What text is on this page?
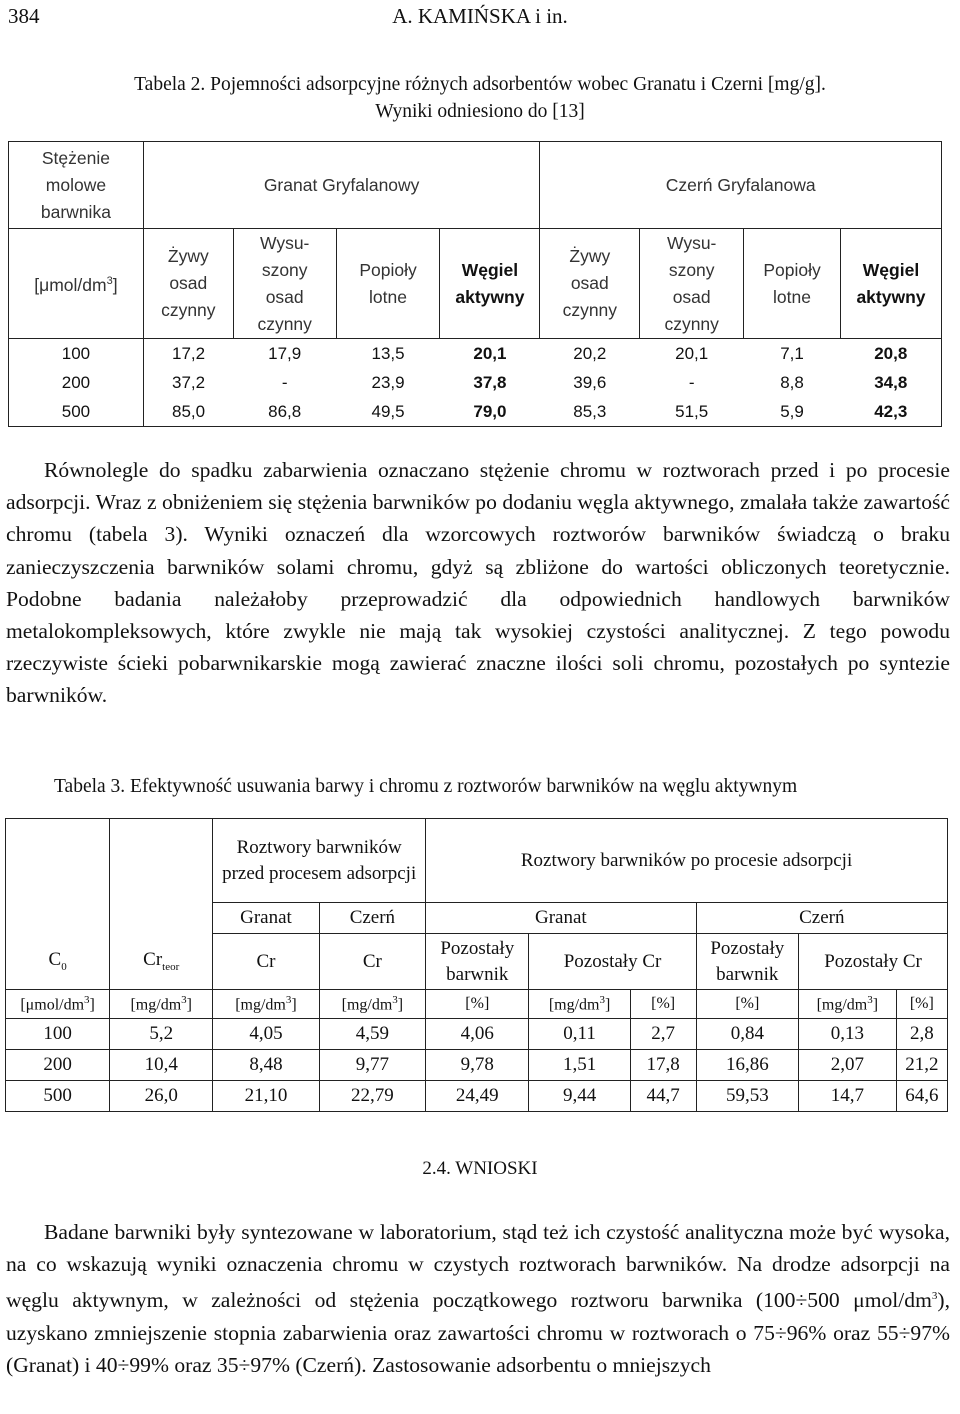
384	A. KAMIŃSKA i in.
Tabela 2. Pojemności adsorpcyjne różnych adsorbentów wobec Granatu i Czerni [mg/g].
Wyniki odniesiono do [13]
Stężenie molowe barwnika	Granat Gryfalanowy				Czerń Gryfalanowa			
$[\mu mol/dm^3]$	Żywy osad czynny	Wysu-szony osad czynny	Popioły lotne	Węgiel aktywny	Żywy osad czynny	Wysu-szony osad czynny	Popioły lotne	Węgiel aktywny

100	17,2	17,9	13,5	20,1	20,2	20,1	7,1	20,8
200	37,2	-	23,9	37,8	39,6	-	8,8	34,8
500	85,0	86,8	49,5	79,0	85,3	51,5	5,9	42,3

Równolegle do spadku zabarwienia oznaczano stężenie chromu w roztworach przed i po procesie adsorpcji. Wraz z obniżeniem się stężenia barwników po dodaniu węgla aktywnego, zmalała także zawartość chromu (tabela 3). Wyniki oznaczeń dla wzorcowych roztworów barwników świadczą o braku zanieczyszczenia barwników solami chromu, gdyż są zbliżone do wartości obliczonych teoretycznie. Podobne badania należałoby przeprowadzić dla odpowiednich handlowych barwników metalokompleksowych, które zwykle nie mają tak wysokiej czystości analitycznej. Z tego powodu rzeczywiste ścieki pobarwnikarskie mogą zawierać znaczne ilości soli chromu, pozostałych po syntezie barwników.

Tabela 3. Efektywność usuwania barwy i chromu z roztworów barwników na węglu aktywnym

		Roztwory barwników przed procesem adsorpcji		Roztwory barwników po procesie adsorpcji					
		Granat	Czerń	Granat			Czerń		
$C_0$	$Cr_{teor}$	Cr	Cr	Pozostały barwnik	Pozostały Cr		Pozostały barwnik	Pozostały Cr	
$[\mu mol/dm^3]$	$[mg/dm^3]$	$[mg/dm^3]$	$[mg/dm^3]$	[%]	$[mg/dm^3]$	[%]	[%]	$[mg/dm^3]$	[%]
100	5,2	4,05	4,59	4,06	0,11	2,7	0,84	0,13	2,8
200	10,4	8,48	9,77	9,78	1,51	17,8	16,86	2,07	21,2
500	26,0	21,10	22,79	24,49	9,44	44,7	59,53	14,7	64,6
2.4. WNIOSKI

Badane barwniki były syntezowane w laboratorium, stąd też ich czystość analityczna może być wysoka, na co wskazują wyniki oznaczenia chromu w czystych roztworach barwników. Na drodze adsorpcji na węglu aktywnym, w zależności od stężenia początkowego roztworu barwnika (100÷500 μmol/$dm^3$), uzyskano zmniejszenie stopnia zabarwienia oraz zawartości chromu w roztworach o 75÷96% oraz 55÷97% (Granat) i 40÷99% oraz 35÷97% (Czerń). Zastosowanie adsorbentu o mniejszych
